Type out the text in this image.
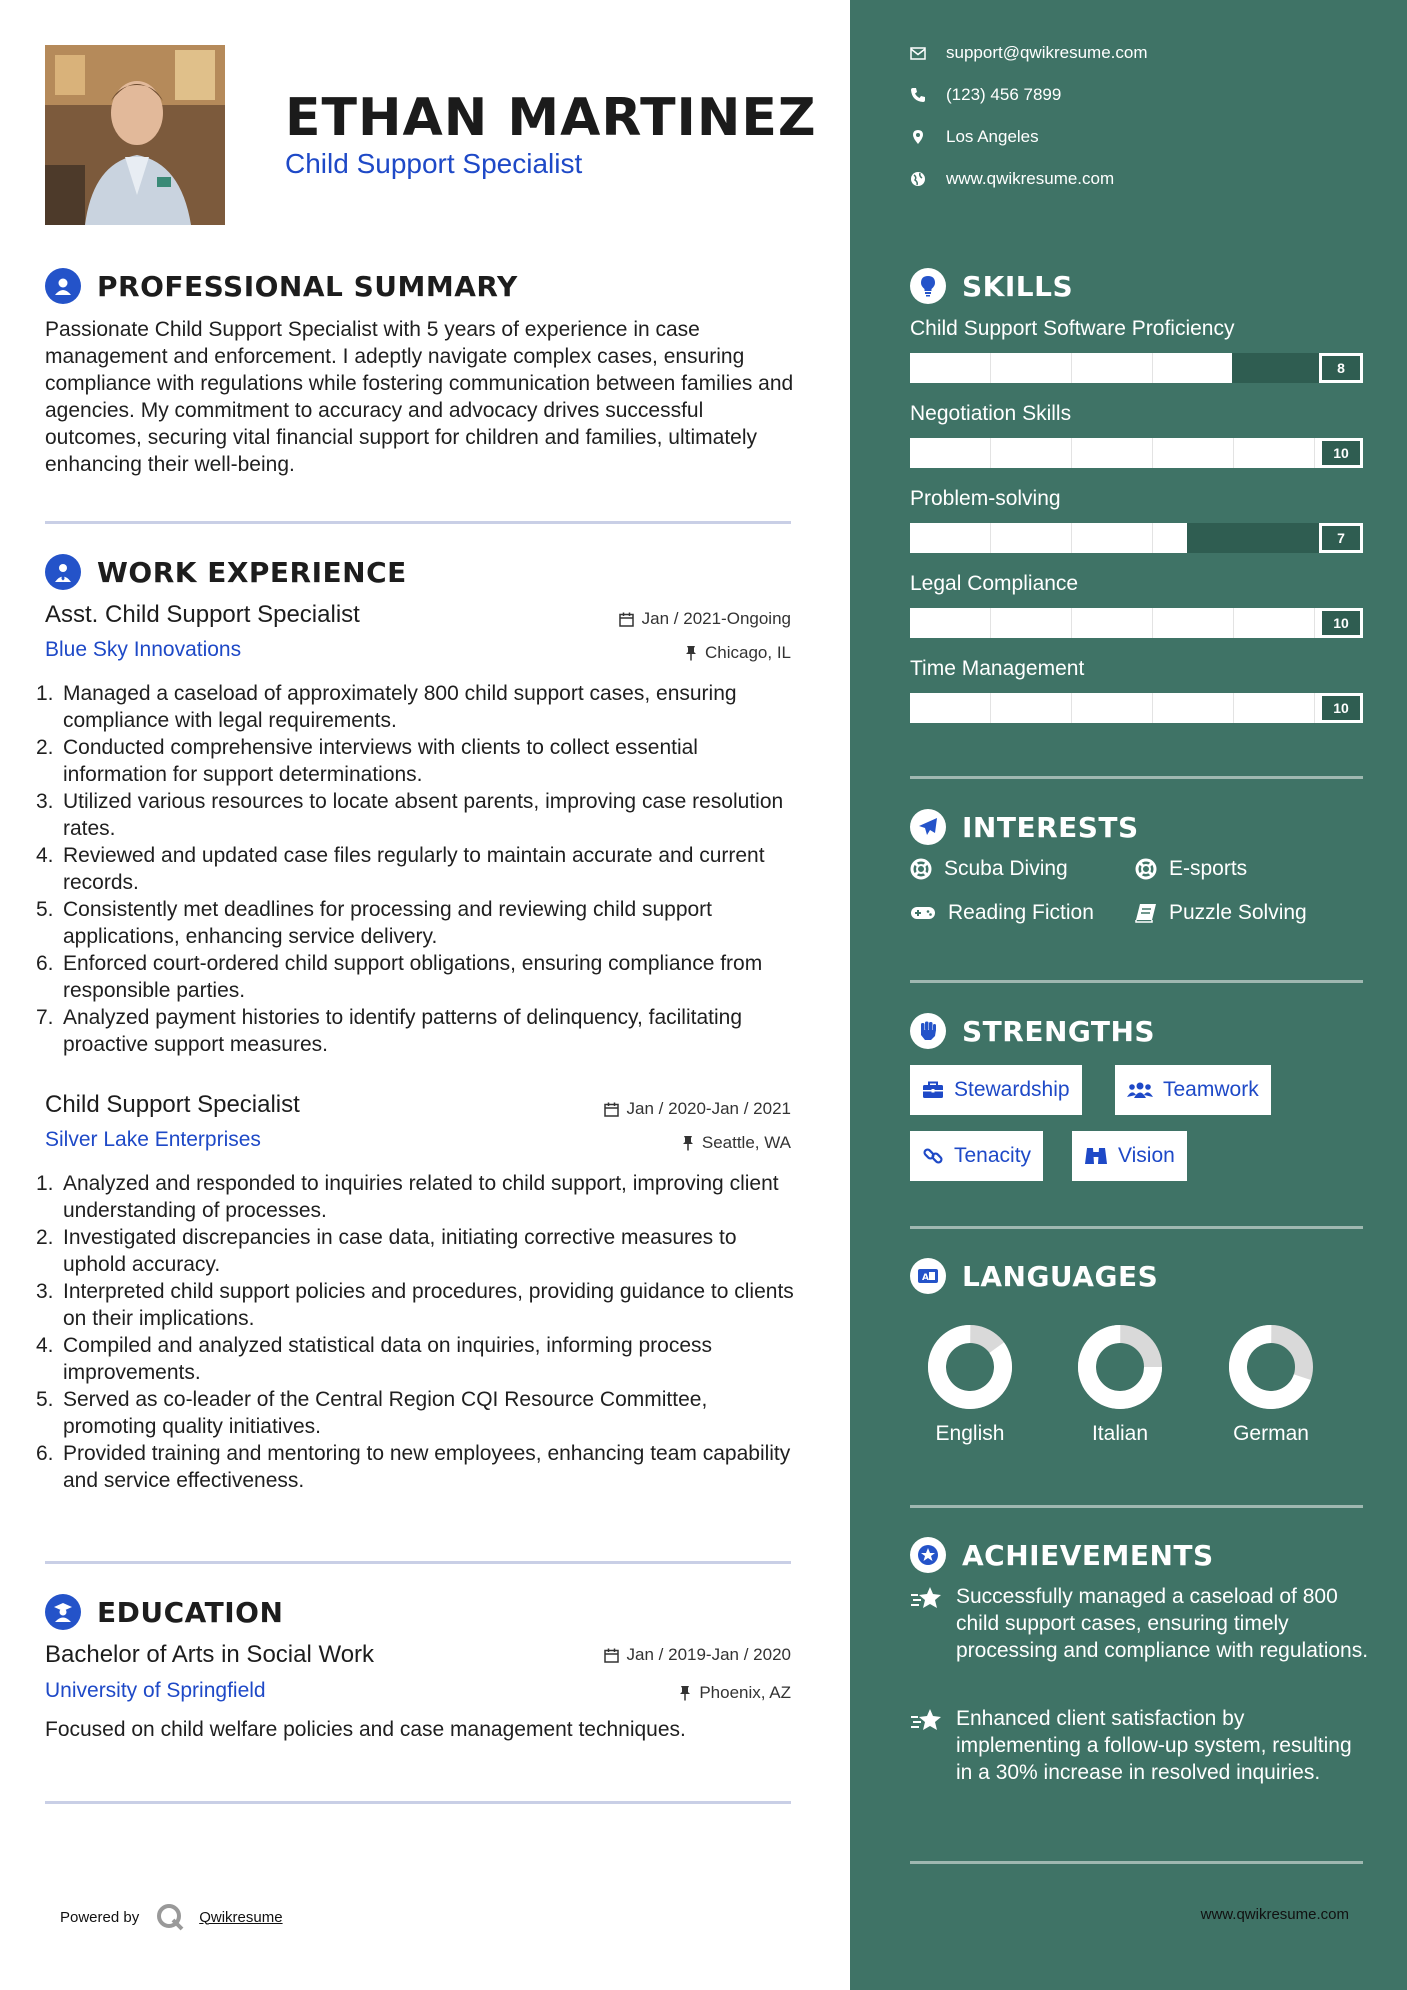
ETHAN MARTINEZ
Child Support Specialist
PROFESSIONAL SUMMARY
Passionate Child Support Specialist with 5 years of experience in case management and enforcement. I adeptly navigate complex cases, ensuring compliance with regulations while fostering communication between families and agencies. My commitment to accuracy and advocacy drives successful outcomes, securing vital financial support for children and families, ultimately enhancing their well-being.
WORK EXPERIENCE
Asst. Child Support Specialist	Jan / 2021-Ongoing
Blue Sky Innovations	Chicago, IL
1. Managed a caseload of approximately 800 child support cases, ensuring compliance with legal requirements.
2. Conducted comprehensive interviews with clients to collect essential information for support determinations.
3. Utilized various resources to locate absent parents, improving case resolution rates.
4. Reviewed and updated case files regularly to maintain accurate and current records.
5. Consistently met deadlines for processing and reviewing child support applications, enhancing service delivery.
6. Enforced court-ordered child support obligations, ensuring compliance from responsible parties.
7. Analyzed payment histories to identify patterns of delinquency, facilitating proactive support measures.
Child Support Specialist	Jan / 2020-Jan / 2021
Silver Lake Enterprises	Seattle, WA
1. Analyzed and responded to inquiries related to child support, improving client understanding of processes.
2. Investigated discrepancies in case data, initiating corrective measures to uphold accuracy.
3. Interpreted child support policies and procedures, providing guidance to clients on their implications.
4. Compiled and analyzed statistical data on inquiries, informing process improvements.
5. Served as co-leader of the Central Region CQI Resource Committee, promoting quality initiatives.
6. Provided training and mentoring to new employees, enhancing team capability and service effectiveness.
EDUCATION
Bachelor of Arts in Social Work	Jan / 2019-Jan / 2020
University of Springfield	Phoenix, AZ
Focused on child welfare policies and case management techniques.
Powered by	Qwikresume
support@qwikresume.com
(123) 456 7899
Los Angeles
www.qwikresume.com
SKILLS
Child Support Software Proficiency
8
Negotiation Skills
10
Problem-solving
7
Legal Compliance
10
Time Management
10
INTERESTS
Scuba Diving	E-sports
Reading Fiction	Puzzle Solving
STRENGTHS
Stewardship	Teamwork
Tenacity	Vision
A LANGUAGES
English	Italian	German
ACHIEVEMENTS
Successfully managed a caseload of 800 child support cases, ensuring timely processing and compliance with regulations.
Enhanced client satisfaction by implementing a follow-up system, resulting in a 30% increase in resolved inquiries.
www.qwikresume.com
